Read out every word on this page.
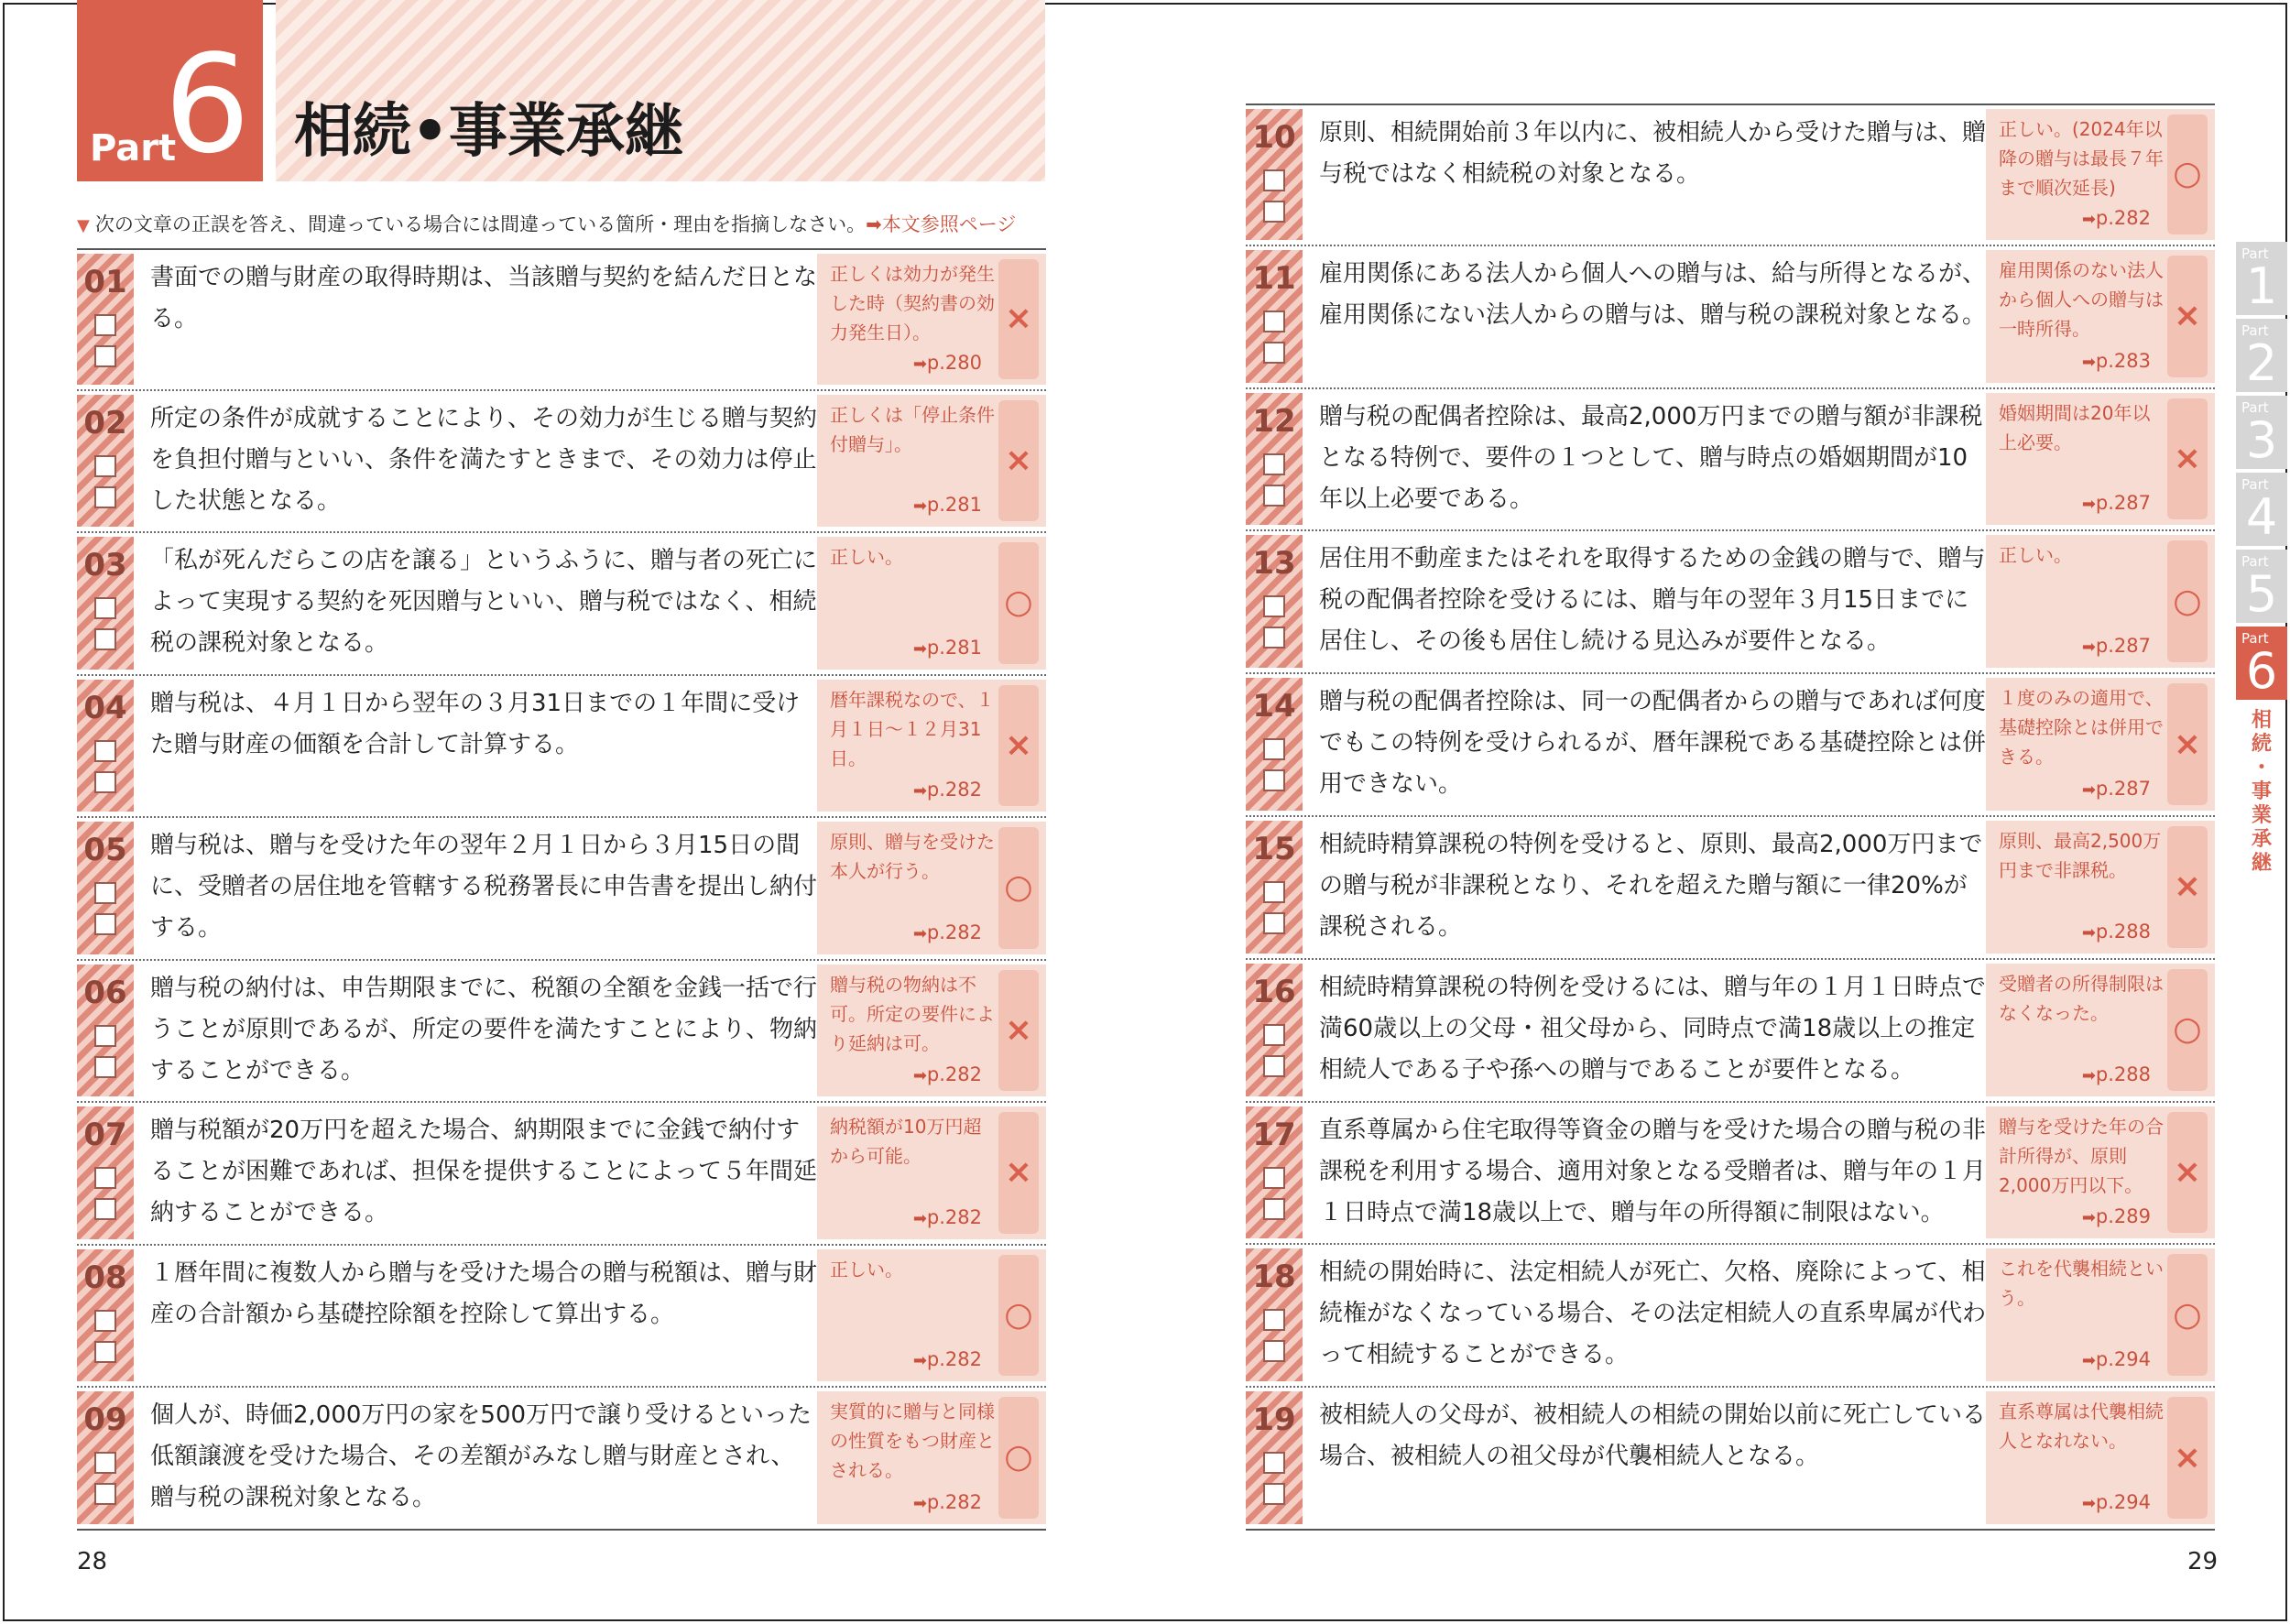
Part
6 相続•事業承継
▼ 次の文章の正誤を答え、間違っている場合には間違っている箇所・理由を指摘しなさい。➡本文参照ページ
01 書面での贈与財産の取得時期は、当該贈与契約を結んだ日となる。
正しくは効力が発生した時（契約書の効力発生日）。
➡p.280
×
02 所定の条件が成就することにより、その効力が生じる贈与契約を負担付贈与といい、条件を満たすときまで、その効力は停止した状態となる。
正しくは「停止条件付贈与」。
➡p.281
×
03 「私が死んだらこの店を譲る」というふうに、贈与者の死亡によって実現する契約を死因贈与といい、贈与税ではなく、相続税の課税対象となる。
正しい。
➡p.281
○
04 贈与税は、４月１日から翌年の３月31日までの１年間に受けた贈与財産の価額を合計して計算する。
暦年課税なので、１月１日～１２月31日。
➡p.282
×
05 贈与税は、贈与を受けた年の翌年２月１日から３月15日の間に、受贈者の居住地を管轄する税務署長に申告書を提出し納付する。
原則、贈与を受けた本人が行う。
➡p.282
○
06 贈与税の納付は、申告期限までに、税額の全額を金銭一括で行うことが原則であるが、所定の要件を満たすことにより、物納することができる。
贈与税の物納は不可。所定の要件により延納は可。
➡p.282
×
07 贈与税額が20万円を超えた場合、納期限までに金銭で納付することが困難であれば、担保を提供することによって５年間延納することができる。
納税額が10万円超から可能。
➡p.282
×
08 １暦年間に複数人から贈与を受けた場合の贈与税額は、贈与財産の合計額から基礎控除額を控除して算出する。
正しい。
➡p.282
○
09 個人が、時価2,000万円の家を500万円で譲り受けるといった低額譲渡を受けた場合、その差額がみなし贈与財産とされ、贈与税の課税対象となる。
実質的に贈与と同様の性質をもつ財産とされる。
➡p.282
○
10 原則、相続開始前３年以内に、被相続人から受けた贈与は、贈与税ではなく相続税の対象となる。
正しい。(2024年以降の贈与は最長７年まで順次延長)
➡p.282
○
11 雇用関係にある法人から個人への贈与は、給与所得となるが、雇用関係にない法人からの贈与は、贈与税の課税対象となる。
雇用関係のない法人から個人への贈与は一時所得。
➡p.283
×
12 贈与税の配偶者控除は、最高2,000万円までの贈与額が非課税となる特例で、要件の１つとして、贈与時点の婚姻期間が10年以上必要である。
婚姻期間は20年以上必要。
➡p.287
×
13 居住用不動産またはそれを取得するための金銭の贈与で、贈与税の配偶者控除を受けるには、贈与年の翌年３月15日までに居住し、その後も居住し続ける見込みが要件となる。
正しい。
➡p.287
○
14 贈与税の配偶者控除は、同一の配偶者からの贈与であれば何度でもこの特例を受けられるが、暦年課税である基礎控除とは併用できない。
１度のみの適用で、基礎控除とは併用できる。
➡p.287
×
15 相続時精算課税の特例を受けると、原則、最高2,000万円までの贈与税が非課税となり、それを超えた贈与額に一律20%が課税される。
原則、最高2,500万円まで非課税。
➡p.288
×
16 相続時精算課税の特例を受けるには、贈与年の１月１日時点で満60歳以上の父母・祖父母から、同時点で満18歳以上の推定相続人である子や孫への贈与であることが要件となる。
受贈者の所得制限はなくなった。
➡p.288
○
17 直系尊属から住宅取得等資金の贈与を受けた場合の贈与税の非課税を利用する場合、適用対象となる受贈者は、贈与年の１月１日時点で満18歳以上で、贈与年の所得額に制限はない。
贈与を受けた年の合計所得が、原則2,000万円以下。
➡p.289
×
18 相続の開始時に、法定相続人が死亡、欠格、廃除によって、相続権がなくなっている場合、その法定相続人の直系卑属が代わって相続することができる。
これを代襲相続という。
➡p.294
○
19 被相続人の父母が、被相続人の相続の開始以前に死亡している場合、被相続人の祖父母が代襲相続人となる。
直系尊属は代襲相続人となれない。
➡p.294
×
28	29
Part
1
Part
2
Part
3
Part
4
Part
5
Part
6
相
続
・
事
業
承
継
